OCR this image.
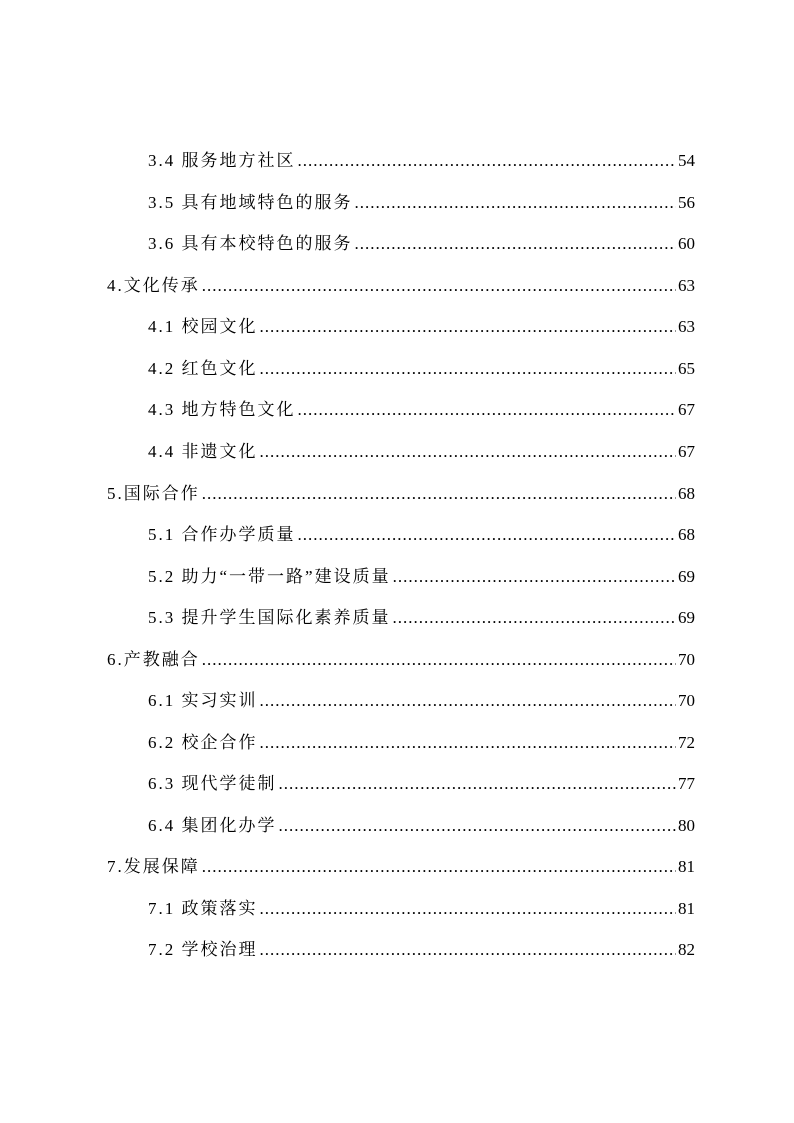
3.4 服务地方社区 .....	54
3.5 具有地域特色的服务 .....	56
3.6 具有本校特色的服务 .....	60
4.文化传承 .....	63
4.1 校园文化 .....	63
4.2 红色文化 .....	65
4.3 地方特色文化 .....	67
4.4 非遗文化 .....	67
5.国际合作 .....	68
5.1 合作办学质量 .....	68
5.2 助力“一带一路”建设质量 .....	69
5.3 提升学生国际化素养质量 .....	69
6.产教融合 .....	70
6.1 实习实训 .....	70
6.2 校企合作 .....	72
6.3 现代学徒制 .....	77
6.4 集团化办学 .....	80
7.发展保障 .....	81
7.1 政策落实 .....	81
7.2 学校治理 .....	82
